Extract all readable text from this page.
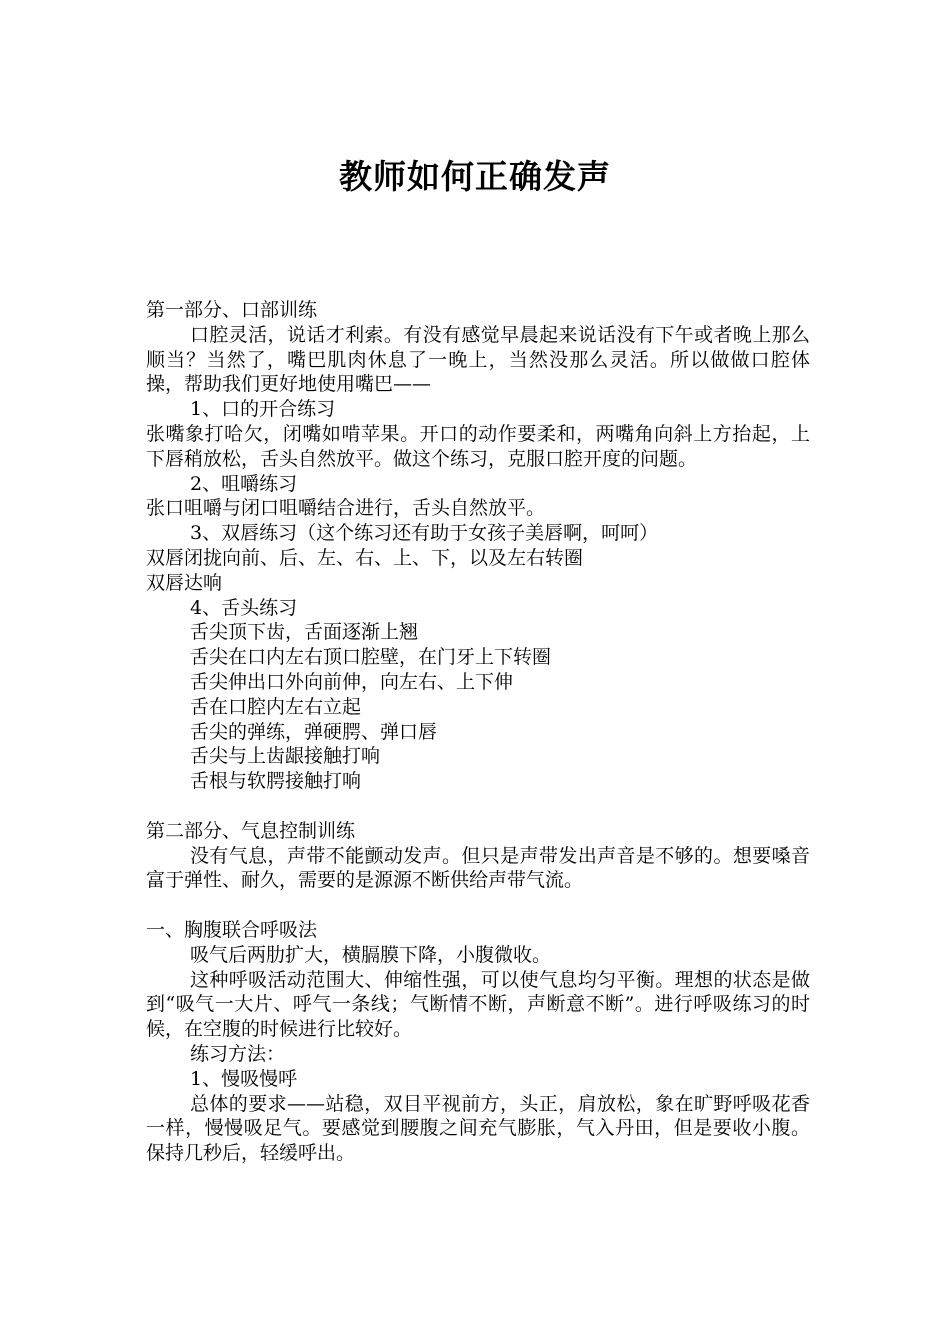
教师如何正确发声

第一部分、口部训练

口腔灵活，说话才利索。有没有感觉早晨起来说话没有下午或者晚上那么顺当？当然了，嘴巴肌肉休息了一晚上，当然没那么灵活。所以做做口腔体操，帮助我们更好地使用嘴巴——

1、口的开合练习

张嘴象打哈欠，闭嘴如啃苹果。开口的动作要柔和，两嘴角向斜上方抬起，上下唇稍放松，舌头自然放平。做这个练习，克服口腔开度的问题。

2、咀嚼练习

张口咀嚼与闭口咀嚼结合进行，舌头自然放平。

3、双唇练习（这个练习还有助于女孩子美唇啊，呵呵）

双唇闭拢向前、后、左、右、上、下，以及左右转圈

双唇达响

4、舌头练习

舌尖顶下齿，舌面逐渐上翘

舌尖在口内左右顶口腔壁，在门牙上下转圈

舌尖伸出口外向前伸，向左右、上下伸

舌在口腔内左右立起

舌尖的弹练，弹硬腭、弹口唇

舌尖与上齿龈接触打响

舌根与软腭接触打响

第二部分、气息控制训练

没有气息，声带不能颤动发声。但只是声带发出声音是不够的。想要嗓音富于弹性、耐久，需要的是源源不断供给声带气流。

一、胸腹联合呼吸法

吸气后两肋扩大，横膈膜下降，小腹微收。

这种呼吸活动范围大、伸缩性强，可以使气息均匀平衡。理想的状态是做到“吸气一大片、呼气一条线；气断情不断，声断意不断”。进行呼吸练习的时候，在空腹的时候进行比较好。

练习方法：

1、慢吸慢呼

总体的要求——站稳，双目平视前方，头正，肩放松，象在旷野呼吸花香一样，慢慢吸足气。要感觉到腰腹之间充气膨胀，气入丹田，但是要收小腹。保持几秒后，轻缓呼出。
